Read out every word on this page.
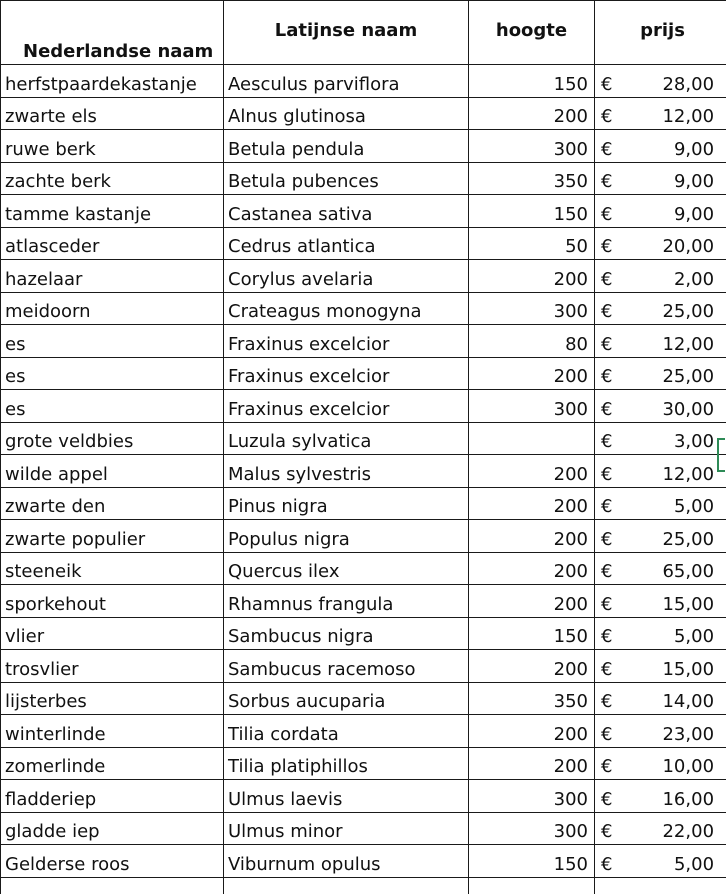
Nederlandse naam	Latijnse naam	hoogte	prijs	
herfstpaardekastanje	Aesculus parviflora	150	€	28,00
zwarte els	Alnus glutinosa	200	€	12,00
ruwe berk	Betula pendula	300	€	9,00
zachte berk	Betula pubences	350	€	9,00
tamme kastanje	Castanea sativa	150	€	9,00
atlasceder	Cedrus atlantica	50	€	20,00
hazelaar	Corylus avelaria	200	€	2,00
meidoorn	Crateagus monogyna	300	€	25,00
es	Fraxinus excelcior	80	€	12,00
es	Fraxinus excelcior	200	€	25,00
es	Fraxinus excelcior	300	€	30,00
grote veldbies	Luzula sylvatica		€	3,00
wilde appel	Malus sylvestris	200	€	12,00
zwarte den	Pinus nigra	200	€	5,00
zwarte populier	Populus nigra	200	€	25,00
steeneik	Quercus ilex	200	€	65,00
sporkehout	Rhamnus frangula	200	€	15,00
vlier	Sambucus nigra	150	€	5,00
trosvlier	Sambucus racemoso	200	€	15,00
lijsterbes	Sorbus aucuparia	350	€	14,00
winterlinde	Tilia cordata	200	€	23,00
zomerlinde	Tilia platiphillos	200	€	10,00
fladderiep	Ulmus laevis	300	€	16,00
gladde iep	Ulmus minor	300	€	22,00
Gelderse roos	Viburnum opulus	150	€	5,00
